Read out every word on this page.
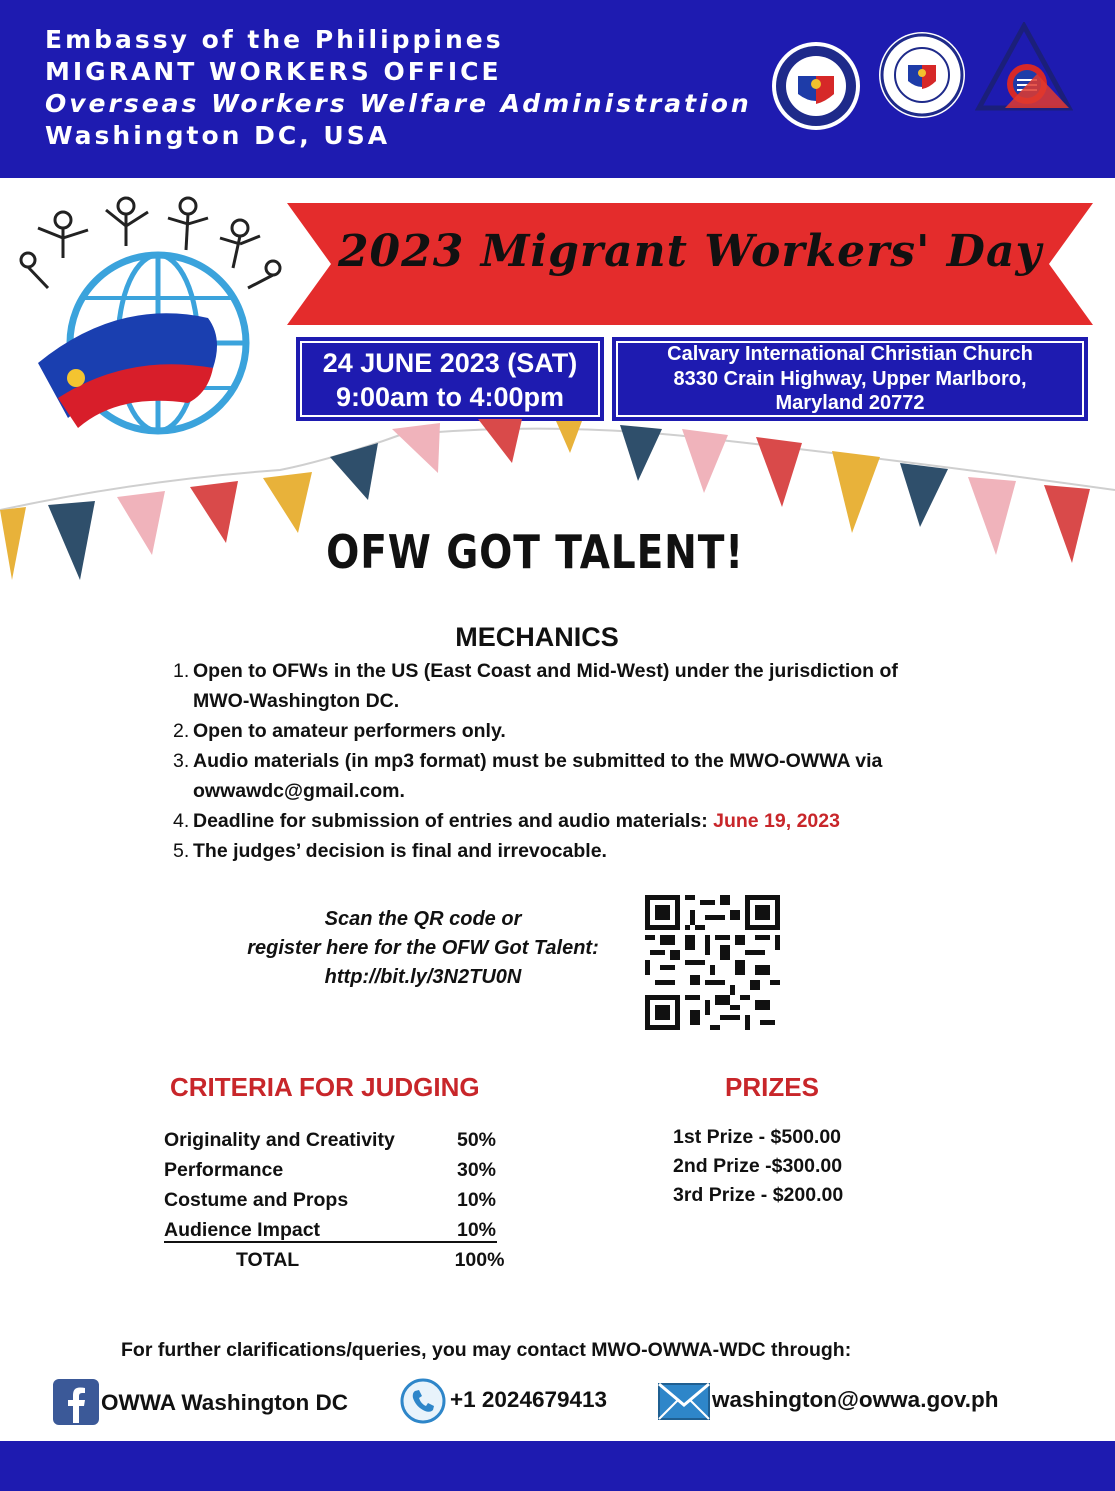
Embassy of the Philippines
MIGRANT WORKERS OFFICE
Overseas Workers Welfare Administration
Washington DC, USA
2023 Migrant Workers' Day
24 JUNE 2023 (SAT)
9:00am to 4:00pm
Calvary International Christian Church
8330 Crain Highway, Upper Marlboro,
Maryland 20772
OFW GOT TALENT!
MECHANICS
1. Open to OFWs in the US (East Coast and Mid-West) under the jurisdiction of MWO-Washington DC.
2. Open to amateur performers only.
3. Audio materials (in mp3 format) must be submitted to the MWO-OWWA via owwawdc@gmail.com.
4. Deadline for submission of entries and audio materials: June 19, 2023
5. The judges’ decision is final and irrevocable.
Scan the QR code or
register here for the OFW Got Talent:
http://bit.ly/3N2TU0N
CRITERIA FOR JUDGING
Originality and Creativity	50%
Performance	30%
Costume and Props	10%
Audience Impact	10%
TOTAL	100%
PRIZES
1st Prize - $500.00
2nd Prize -$300.00
3rd Prize - $200.00
For further clarifications/queries, you may contact MWO-OWWA-WDC through:
OWWA Washington DC	+1 2024679413	washington@owwa.gov.ph
